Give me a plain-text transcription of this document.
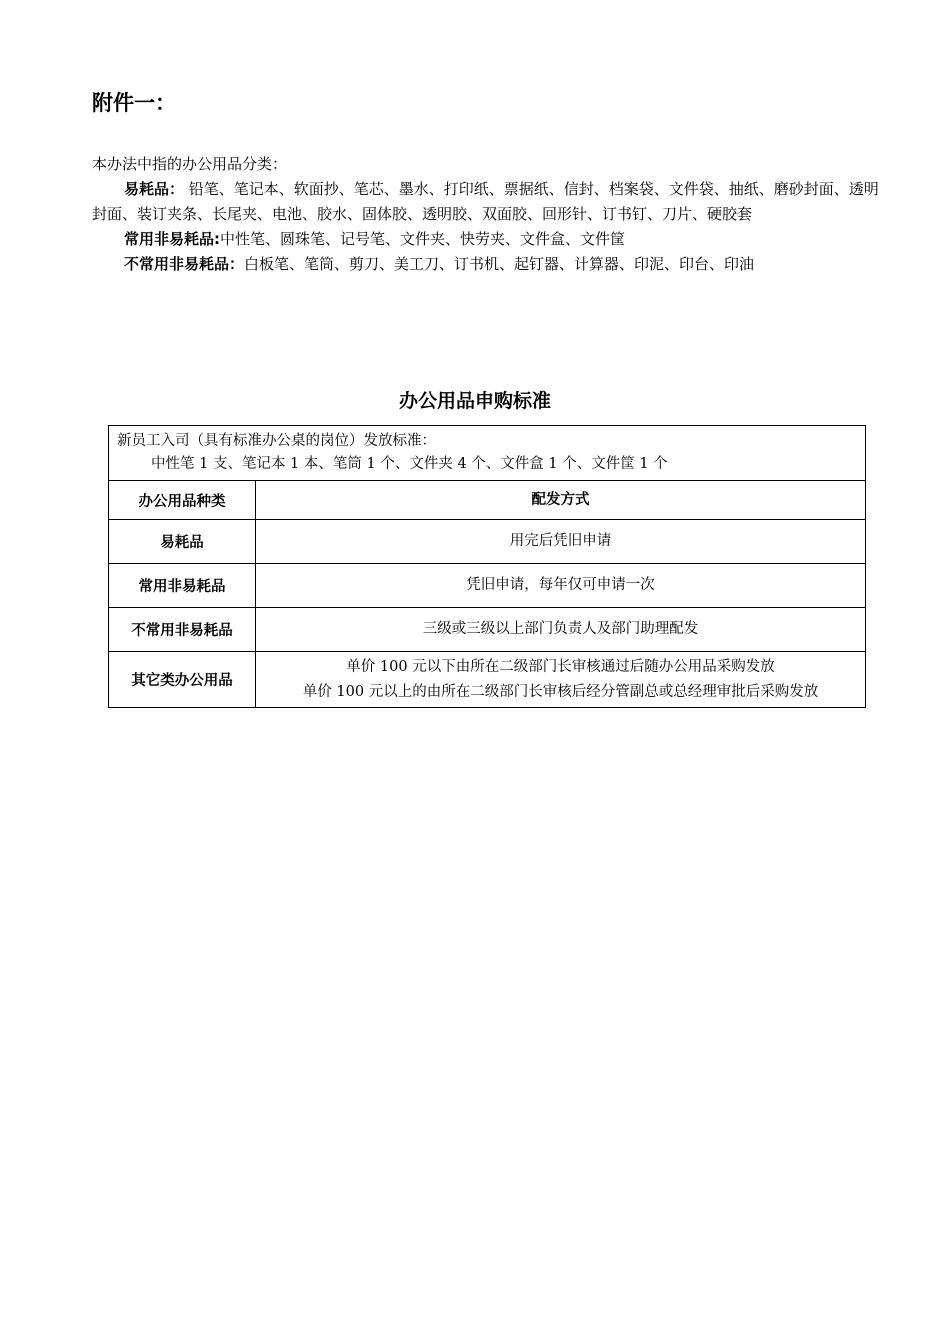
附件一：

本办法中指的办公用品分类：

易耗品： 铅笔、笔记本、软面抄、笔芯、墨水、打印纸、票据纸、信封、档案袋、文件袋、抽纸、磨砂封面、透明封面、装订夹条、长尾夹、电池、胶水、固体胶、透明胶、双面胶、回形针、订书钉、刀片、硬胶套

常用非易耗品:中性笔、圆珠笔、记号笔、文件夹、快劳夹、文件盒、文件筐

不常用非易耗品：白板笔、笔筒、剪刀、美工刀、订书机、起钉器、计算器、印泥、印台、印油

办公用品申购标准
新员工入司（具有标准办公桌的岗位）发放标准：
中性笔 1 支、笔记本 1 本、笔筒 1 个、文件夹 4 个、文件盒 1 个、文件筐 1 个	

办公用品种类	配发方式
易耗品	用完后凭旧申请
常用非易耗品	凭旧申请，每年仅可申请一次
不常用非易耗品	三级或三级以上部门负责人及部门助理配发
其它类办公用品	单价 100 元以下由所在二级部门长审核通过后随办公用品采购发放
单价 100 元以上的由所在二级部门长审核后经分管副总或总经理审批后采购发放
